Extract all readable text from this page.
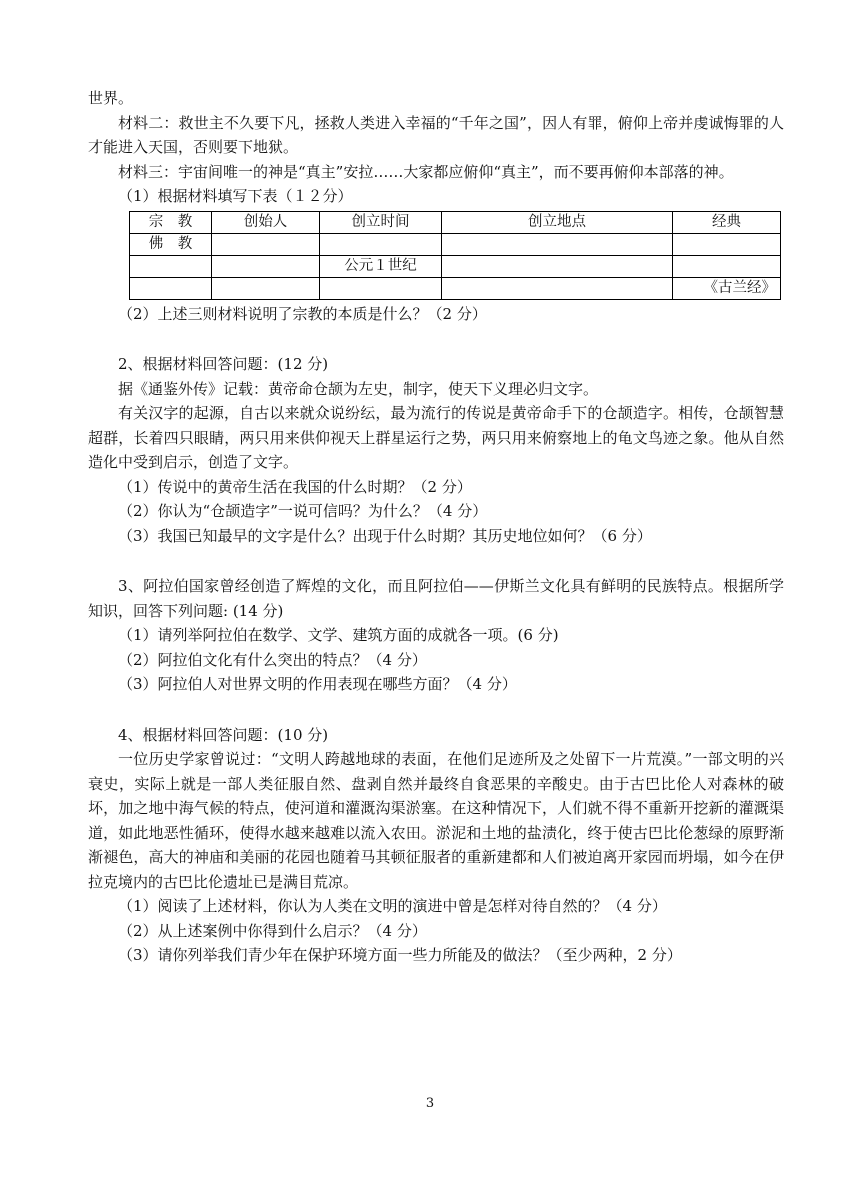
世界。

材料二：救世主不久要下凡，拯救人类进入幸福的“千年之国”，因人有罪，俯仰上帝并虔诚悔罪的人才能进入天国，否则要下地狱。

材料三：宇宙间唯一的神是“真主”安拉……大家都应俯仰“真主”，而不要再俯仰本部落的神。

（1）根据材料填写下表（１２分）

宗　教	创始人	创立时间	创立地点	经典
佛　教				
		公元１世纪		
				《古兰经》

（2）上述三则材料说明了宗教的本质是什么？（2 分）

2、根据材料回答问题：(12 分)

据《通鉴外传》记载：黄帝命仓颉为左史，制字，使天下义理必归文字。

有关汉字的起源，自古以来就众说纷纭，最为流行的传说是黄帝命手下的仓颉造字。相传，仓颉智慧超群，长着四只眼睛，两只用来供仰视天上群星运行之势，两只用来俯察地上的龟文鸟迹之象。他从自然造化中受到启示，创造了文字。

（1）传说中的黄帝生活在我国的什么时期？（2 分）

（2）你认为“仓颉造字”一说可信吗？为什么？（4 分）

（3）我国已知最早的文字是什么？出现于什么时期？其历史地位如何？（6 分）

3、阿拉伯国家曾经创造了辉煌的文化，而且阿拉伯——伊斯兰文化具有鲜明的民族特点。根据所学知识，回答下列问题: (14 分)

（1）请列举阿拉伯在数学、文学、建筑方面的成就各一项。(6 分)

（2）阿拉伯文化有什么突出的特点？（4 分）

（3）阿拉伯人对世界文明的作用表现在哪些方面？（4 分）

4、根据材料回答问题：(10 分)

一位历史学家曾说过：“文明人跨越地球的表面，在他们足迹所及之处留下一片荒漠。”一部文明的兴衰史，实际上就是一部人类征服自然、盘剥自然并最终自食恶果的辛酸史。由于古巴比伦人对森林的破坏，加之地中海气候的特点，使河道和灌溉沟渠淤塞。在这种情况下，人们就不得不重新开挖新的灌溉渠道，如此地恶性循环，使得水越来越难以流入农田。淤泥和土地的盐渍化，终于使古巴比伦葱绿的原野渐渐褪色，高大的神庙和美丽的花园也随着马其顿征服者的重新建都和人们被迫离开家园而坍塌，如今在伊拉克境内的古巴比伦遗址已是满目荒凉。

（1）阅读了上述材料，你认为人类在文明的演进中曾是怎样对待自然的？（4 分）

（2）从上述案例中你得到什么启示？（4 分）

（3）请你列举我们青少年在保护环境方面一些力所能及的做法？（至少两种，2 分）

3
